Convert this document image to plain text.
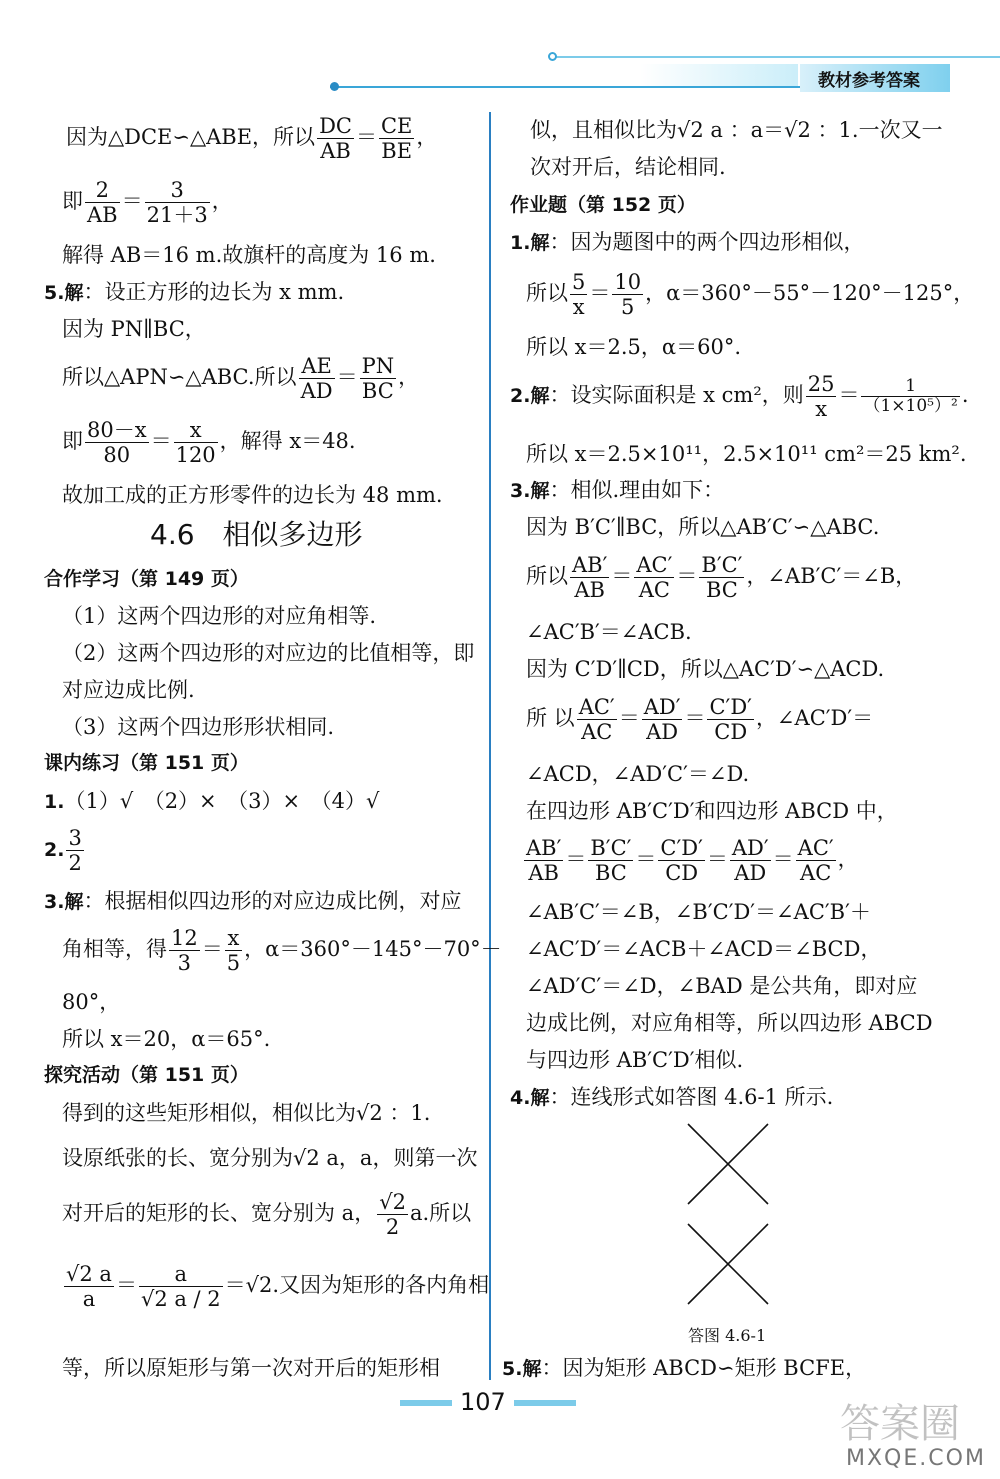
教材参考答案
因为△DCE∽△ABE，所以 $\frac{DC}{AB} = \frac{CE}{BE}$ ，
即 $\frac{2}{AB} = \frac{3}{21+3}$ ，
解得 AB＝16 m.故旗杆的高度为 16 m.
5.解：设正方形的边长为 x mm.
因为 PN∥BC，
所以△APN∽△ABC.所以 $\frac{AE}{AD} = \frac{PN}{BC}$ ，
即 $\frac{80-x}{80} = \frac{x}{120}$ ，解得 x＝48.
故加工成的正方形零件的边长为 48 mm.
4.6　相似多边形
合作学习（第 149 页）
（1）这两个四边形的对应角相等.
（2）这两个四边形的对应边的比值相等，即
对应边成比例.
（3）这两个四边形形状相同.
课内练习（第 151 页）
1.（1）√　（2）×　（3）×　（4）√
2. $\frac{3}{2}$
3.解：根据相似四边形的对应边成比例，对应
角相等，得 $\frac{12}{3} = \frac{x}{5}$ ，α＝360°－145°－70°－
80°，
所以 x＝20，α＝65°.
探究活动（第 151 页）
得到的这些矩形相似，相似比为√2 ：1.
设原纸张的长、宽分别为√2 a，a，则第一次
对开后的矩形的长、宽分别为 a， $\frac{√2}{2} a$.所以
$\frac{√2 a}{a} = \frac{a}{√2 a / 2} =√2$.又因为矩形的各内角相
等，所以原矩形与第一次对开后的矩形相
似，且相似比为√2 a ：a＝√2 ：1.一次又一
次对开后，结论相同.
作业题（第 152 页）
1.解：因为题图中的两个四边形相似，
所以 $\frac{5}{x} = \frac{10}{5}$ ，α＝360°－55°－120°－125°，
所以 x＝2.5，α＝60°.
2.解：设实际面积是 x cm²，则 $\frac{25}{x} = \frac{1}{\text{（1×10⁵）²}}$ .
所以 x＝2.5×10¹¹，2.5×10¹¹ cm²＝25 km².
3.解：相似.理由如下：
因为 B′C′∥BC，所以△AB′C′∽△ABC.
所以 $\frac{AB'}{AB} = \frac{AC'}{AC} = \frac{B'C'}{BC}$ ，∠AB′C′＝∠B，
∠AC′B′＝∠ACB.
因为 C′D′∥CD，所以△AC′D′∽△ACD.
所 以 $\frac{AC'}{AC} = \frac{AD'}{AD} = \frac{C'D'}{CD}$ ，∠AC′D′＝
∠ACD，∠AD′C′＝∠D.
在四边形 AB′C′D′和四边形 ABCD 中，
$\frac{AB'}{AB} = \frac{B'C'}{BC} = \frac{C'D'}{CD} = \frac{AD'}{AD} = \frac{AC'}{AC}$ ，
∠AB′C′＝∠B，∠B′C′D′＝∠AC′B′＋
∠AC′D′＝∠ACB＋∠ACD＝∠BCD，
∠AD′C′＝∠D，∠BAD 是公共角，即对应
边成比例，对应角相等，所以四边形 ABCD
与四边形 AB′C′D′相似.
4.解：连线形式如答图 4.6-1 所示.
答图 4.6-1
5.解：因为矩形 ABCD∽矩形 BCFE，
107	答案圈
MXQE.COM
